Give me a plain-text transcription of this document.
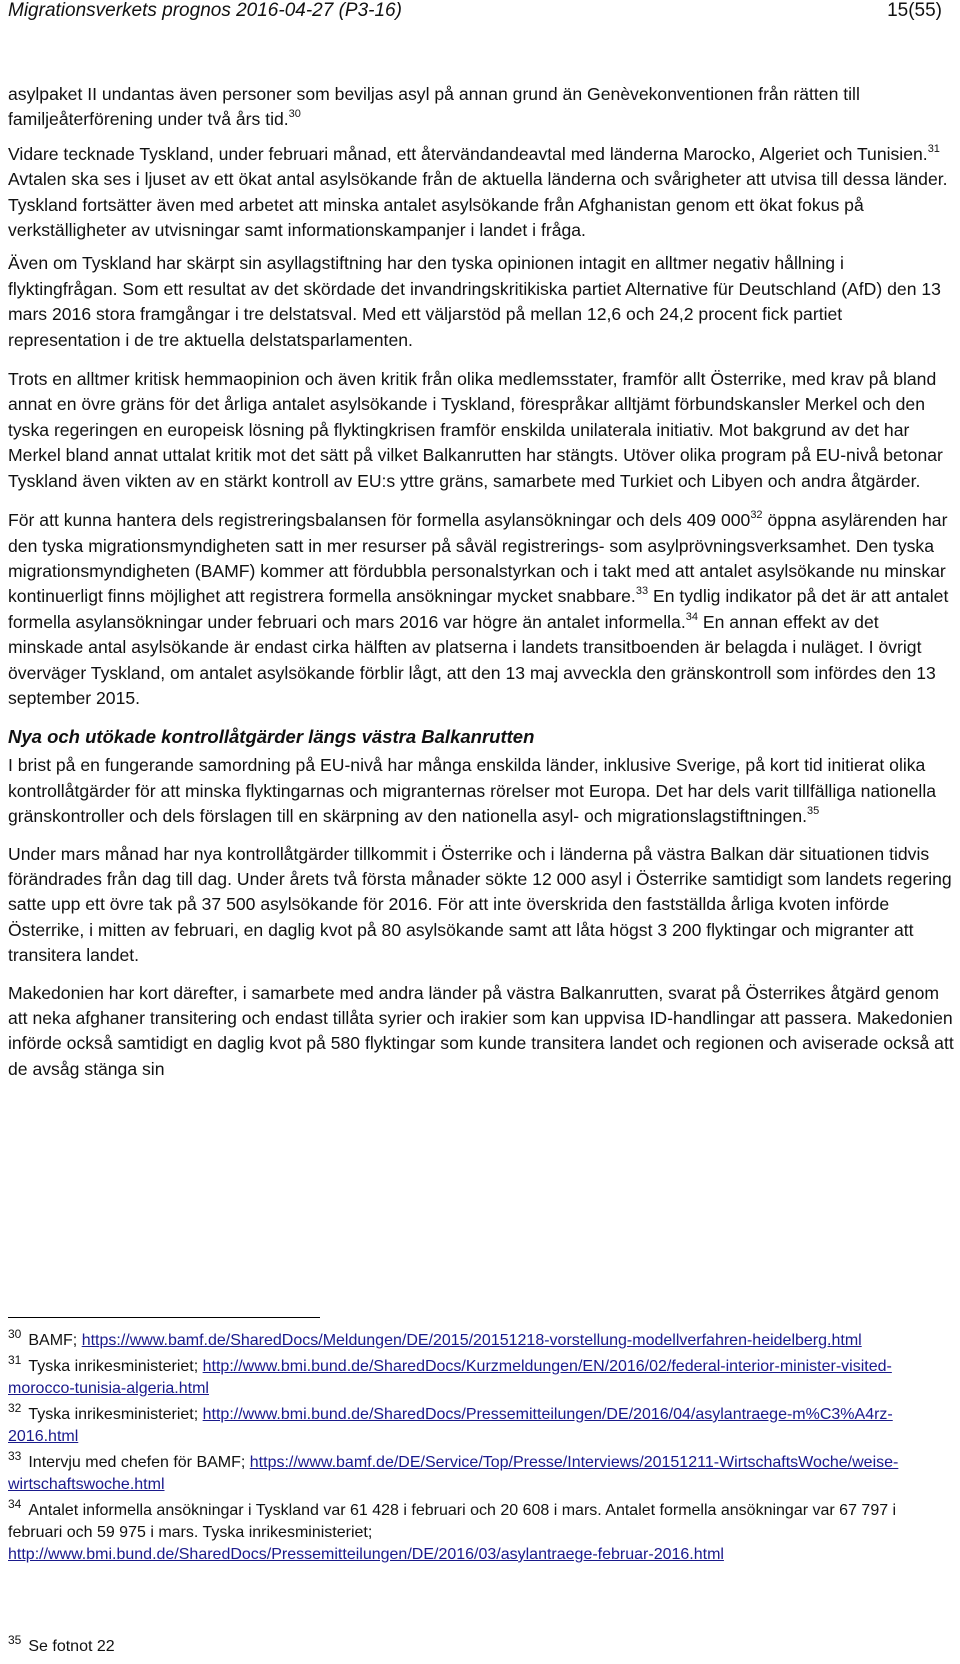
Migrationsverkets prognos 2016-04-27 (P3-16)	15(55)

asylpaket II undantas även personer som beviljas asyl på annan grund än Genèvekonventionen från rätten till familjeåterförening under två års tid.$^{30}$

Vidare tecknade Tyskland, under februari månad, ett återvändandeavtal med länderna Marocko, Algeriet och Tunisien.$^{31}$ Avtalen ska ses i ljuset av ett ökat antal asylsökande från de aktuella länderna och svårigheter att utvisa till dessa länder. Tyskland fortsätter även med arbetet att minska antalet asylsökande från Afghanistan genom ett ökat fokus på verkställigheter av utvisningar samt informationskampanjer i landet i fråga.

Även om Tyskland har skärpt sin asyllagstiftning har den tyska opinionen intagit en alltmer negativ hållning i flyktingfrågan. Som ett resultat av det skördade det invandringskritikiska partiet Alternative für Deutschland (AfD) den 13 mars 2016 stora framgångar i tre delstatsval. Med ett väljarstöd på mellan 12,6 och 24,2 procent fick partiet representation i de tre aktuella delstatsparlamenten.

Trots en alltmer kritisk hemmaopinion och även kritik från olika medlemsstater, framför allt Österrike, med krav på bland annat en övre gräns för det årliga antalet asylsökande i Tyskland, förespråkar alltjämt förbundskansler Merkel och den tyska regeringen en europeisk lösning på flyktingkrisen framför enskilda unilaterala initiativ. Mot bakgrund av det har Merkel bland annat uttalat kritik mot det sätt på vilket Balkanrutten har stängts. Utöver olika program på EU-nivå betonar Tyskland även vikten av en stärkt kontroll av EU:s yttre gräns, samarbete med Turkiet och Libyen och andra åtgärder.

För att kunna hantera dels registreringsbalansen för formella asylansökningar och dels 409 $000^{32}$ öppna asylärenden har den tyska migrationsmyndigheten satt in mer resurser på såväl registrerings- som asylprövningsverksamhet. Den tyska migrationsmyndigheten (BAMF) kommer att fördubbla personalstyrkan och i takt med att antalet asylsökande nu minskar kontinuerligt finns möjlighet att registrera formella ansökningar mycket snabbare.$^{33}$ En tydlig indikator på det är att antalet formella asylansökningar under februari och mars 2016 var högre än antalet informella.$^{34}$ En annan effekt av det minskade antal asylsökande är endast cirka hälften av platserna i landets transitboenden är belagda i nuläget. I övrigt överväger Tyskland, om antalet asylsökande förblir lågt, att den 13 maj avveckla den gränskontroll som infördes den 13 september 2015.

Nya och utökade kontrollåtgärder längs västra Balkanrutten

I brist på en fungerande samordning på EU-nivå har många enskilda länder, inklusive Sverige, på kort tid initierat olika kontrollåtgärder för att minska flyktingarnas och migranternas rörelser mot Europa. Det har dels varit tillfälliga nationella gränskontroller och dels förslagen till en skärpning av den nationella asyl- och migrationslagstiftningen.$^{35}$

Under mars månad har nya kontrollåtgärder tillkommit i Österrike och i länderna på västra Balkan där situationen tidvis förändrades från dag till dag. Under årets två första månader sökte 12 000 asyl i Österrike samtidigt som landets regering satte upp ett övre tak på 37 500 asylsökande för 2016. För att inte överskrida den fastställda årliga kvoten införde Österrike, i mitten av februari, en daglig kvot på 80 asylsökande samt att låta högst 3 200 flyktingar och migranter att transitera landet.

Makedonien har kort därefter, i samarbete med andra länder på västra Balkanrutten, svarat på Österrikes åtgärd genom att neka afghaner transitering och endast tillåta syrier och irakier som kan uppvisa ID-handlingar att passera. Makedonien införde också samtidigt en daglig kvot på 580 flyktingar som kunde transitera landet och regionen och aviserade också att de avsåg stänga sin

$^{30}$ BAMF; https://www.bamf.de/SharedDocs/Meldungen/DE/2015/20151218-vorstellung-modellverfahren-heidelberg.html
$^{31}$ Tyska inrikesministeriet; http://www.bmi.bund.de/SharedDocs/Kurzmeldungen/EN/2016/02/federal-interior-minister-visited-morocco-tunisia-algeria.html
$^{32}$ Tyska inrikesministeriet; http://www.bmi.bund.de/SharedDocs/Pressemitteilungen/DE/2016/04/asylantraege-m%C3%A4rz-2016.html
$^{33}$ Intervju med chefen för BAMF; https://www.bamf.de/DE/Service/Top/Presse/Interviews/20151211-WirtschaftsWoche/weise-wirtschaftswoche.html
$^{34}$ Antalet informella ansökningar i Tyskland var 61 428 i februari och 20 608 i mars. Antalet formella ansökningar var 67 797 i februari och 59 975 i mars. Tyska inrikesministeriet; http://www.bmi.bund.de/SharedDocs/Pressemitteilungen/DE/2016/03/asylantraege-februar-2016.html
$^{35}$ Se fotnot 22
